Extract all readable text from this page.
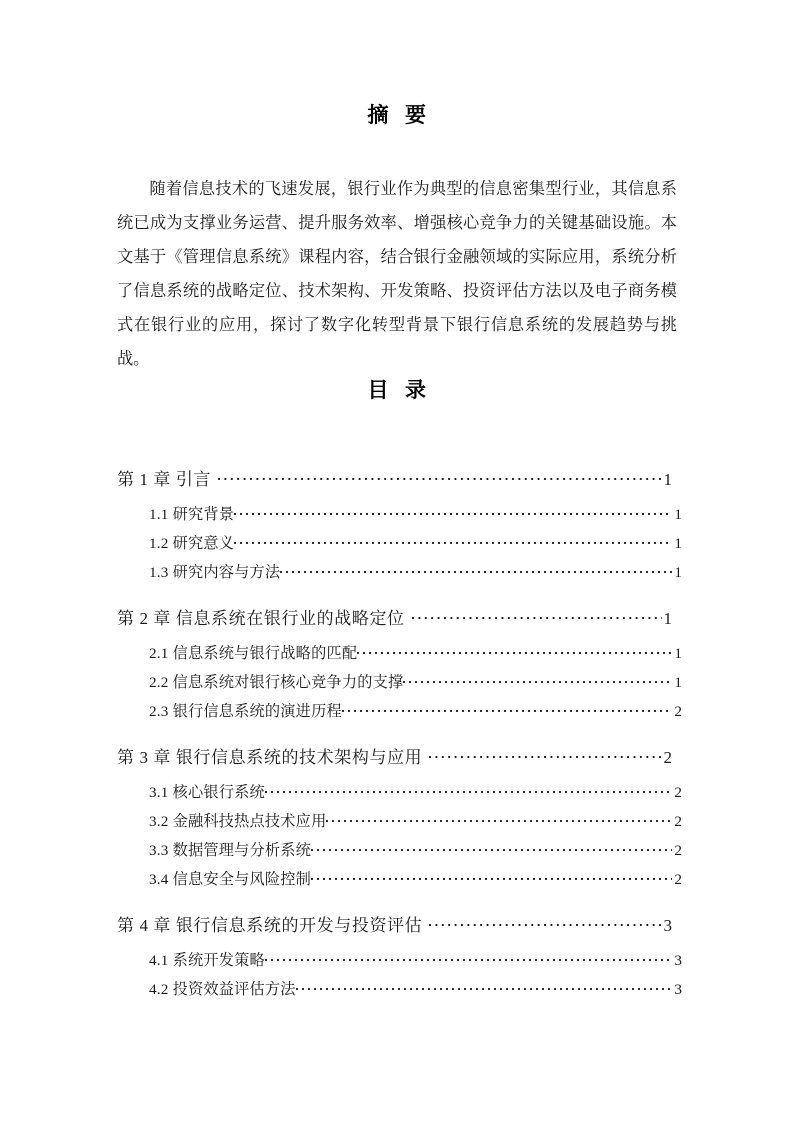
摘 要

随着信息技术的飞速发展，银行业作为典型的信息密集型行业，其信息系统已成为支撑业务运营、提升服务效率、增强核心竞争力的关键基础设施。本文基于《管理信息系统》课程内容，结合银行金融领域的实际应用，系统分析了信息系统的战略定位、技术架构、开发策略、投资评估方法以及电子商务模式在银行业的应用，探讨了数字化转型背景下银行信息系统的发展趋势与挑战。

目 录
第 1 章 引言	1
1.1 研究背景	1
1.2 研究意义	1
1.3 研究内容与方法	1
第 2 章 信息系统在银行业的战略定位	1
2.1 信息系统与银行战略的匹配	1
2.2 信息系统对银行核心竞争力的支撑	1
2.3 银行信息系统的演进历程	2
第 3 章 银行信息系统的技术架构与应用	2
3.1 核心银行系统	2
3.2 金融科技热点技术应用	2
3.3 数据管理与分析系统	2
3.4 信息安全与风险控制	2
第 4 章 银行信息系统的开发与投资评估	3
4.1 系统开发策略	3
4.2 投资效益评估方法	3
